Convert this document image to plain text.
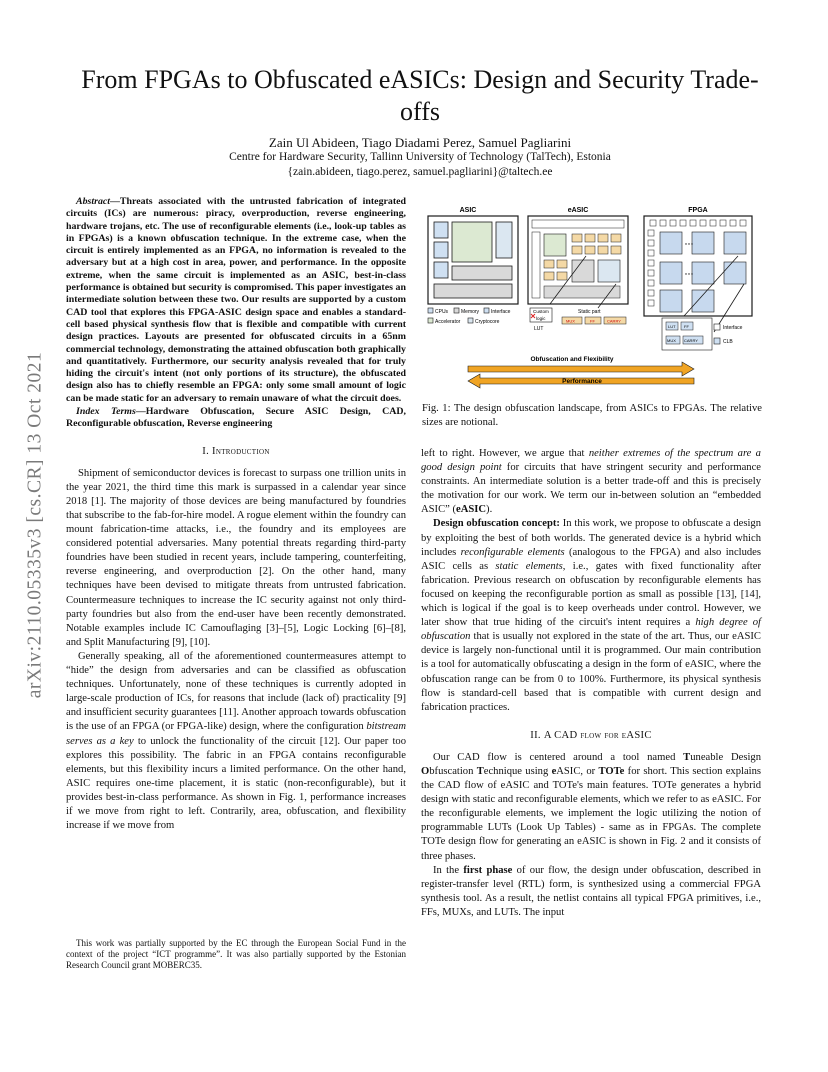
arXiv:2110.05335v3 [cs.CR] 13 Oct 2021
From FPGAs to Obfuscated eASICs: Design and Security Trade-offs
Zain Ul Abideen, Tiago Diadami Perez, Samuel Pagliarini
Centre for Hardware Security, Tallinn University of Technology (TalTech), Estonia
{zain.abideen, tiago.perez, samuel.pagliarini}@taltech.ee

Abstract—Threats associated with the untrusted fabrication of integrated circuits (ICs) are numerous: piracy, overproduction, reverse engineering, hardware trojans, etc. The use of reconfigurable elements (i.e., look-up tables as in FPGAs) is a known obfuscation technique. In the extreme case, when the circuit is entirely implemented as an FPGA, no information is revealed to the adversary but at a high cost in area, power, and performance. In the opposite extreme, when the same circuit is implemented as an ASIC, best-in-class performance is obtained but security is compromised. This paper investigates an intermediate solution between these two. Our results are supported by a custom CAD tool that explores this FPGA-ASIC design space and enables a standard-cell based physical synthesis flow that is flexible and compatible with current design practices. Layouts are presented for obfuscated circuits in a 65nm commercial technology, demonstrating the attained obfuscation both graphically and quantitatively. Furthermore, our security analysis revealed that for truly hiding the circuit's intent (not only portions of its structure), the obfuscated design also has to chiefly resemble an FPGA: only some small amount of logic can be made static for an adversary to remain unaware of what the circuit does.

Index Terms—Hardware Obfuscation, Secure ASIC Design, CAD, Reconfigurable obfuscation, Reverse engineering

I. Introduction

Shipment of semiconductor devices is forecast to surpass one trillion units in the year 2021, the third time this mark is surpassed in a calendar year since 2018 [1]. The majority of those devices are being manufactured by foundries that subscribe to the fab-for-hire model. A rogue element within the foundry can mount fabrication-time attacks, i.e., the foundry and its employees are considered potential adversaries. Many potential threats regarding third-party foundries have been studied in recent years, include tampering, counterfeiting, reverse engineering, and overproduction [2]. On the other hand, many techniques have been devised to mitigate threats from untrusted fabrication. Countermeasure techniques to increase the IC security against not only third-party foundries but also from the end-user have been recently demonstrated. Notable examples include IC Camouflaging [3]–[5], Logic Locking [6]–[8], and Split Manufacturing [9], [10].

Generally speaking, all of the aforementioned countermeasures attempt to “hide” the design from adversaries and can be classified as obfuscation techniques. Unfortunately, none of these techniques is currently adopted in large-scale production of ICs, for reasons that include (lack of) practicality [9] and insufficient security guarantees [11]. Another approach towards obfuscation is the use of an FPGA (or FPGA-like) design, where the configuration bitstream serves as a key to unlock the functionality of the circuit [12]. Our paper too explores this possibility. The fabric in an FPGA contains reconfigurable elements, but this flexibility incurs a limited performance. On the other hand, ASIC requires one-time placement, it is static (non-reconfigurable), but it provides best-in-class performance. As shown in Fig. 1, performance increases if we move from right to left. Contrarily, area, obfuscation, and flexibility increase if we move from

This work was partially supported by the EC through the European Social Fund in the context of the project “ICT programme”. It was also partially supported by the Estonian Research Council grant MOBERC35.
ASIC
CPUs	Memory Interface
Accelerator	Cryptocore
eASIC
Custom
logic
LUT
Static part
MUX	FF	CARRY
FPGA
LUT FF
MUX CARRY
Interface
CLB
Obfuscation and Flexibility
Performance
Fig. 1: The design obfuscation landscape, from ASICs to FPGAs. The relative sizes are notional.

left to right. However, we argue that neither extremes of the spectrum are a good design point for circuits that have stringent security and performance constraints. An intermediate solution is a better trade-off and this is precisely the motivation for our work. We term our in-between solution an “embedded ASIC” (eASIC).

Design obfuscation concept: In this work, we propose to obfuscate a design by exploiting the best of both worlds. The generated device is a hybrid which includes reconfigurable elements (analogous to the FPGA) and also includes ASIC cells as static elements, i.e., gates with fixed functionality after fabrication. Previous research on obfuscation by reconfigurable elements has focused on keeping the reconfigurable portion as small as possible [13], [14], which is logical if the goal is to keep overheads under control. However, we later show that true hiding of the circuit's intent requires a high degree of obfuscation that is usually not explored in the state of the art. Thus, our eASIC device is largely non-functional until it is programmed. Our main contribution is a tool for automatically obfuscating a design in the form of eASIC, where the obfuscation range can be from 0 to 100%. Furthermore, its physical synthesis flow is standard-cell based that is compatible with current design and fabrication practices.

II. A CAD flow for eASIC

Our CAD flow is centered around a tool named Tuneable Design Obfuscation Technique using eASIC, or TOTe for short. This section explains the CAD flow of eASIC and TOTe's main features. TOTe generates a hybrid design with static and reconfigurable elements, which we refer to as eASIC. For the reconfigurable elements, we implement the logic utilizing the notion of programmable LUTs (Look Up Tables) - same as in FPGAs. The complete TOTe design flow for generating an eASIC is shown in Fig. 2 and it consists of three phases.

In the first phase of our flow, the design under obfuscation, described in register-transfer level (RTL) form, is synthesized using a commercial FPGA synthesis tool. As a result, the netlist contains all typical FPGA primitives, i.e., FFs, MUXs, and LUTs. The input
